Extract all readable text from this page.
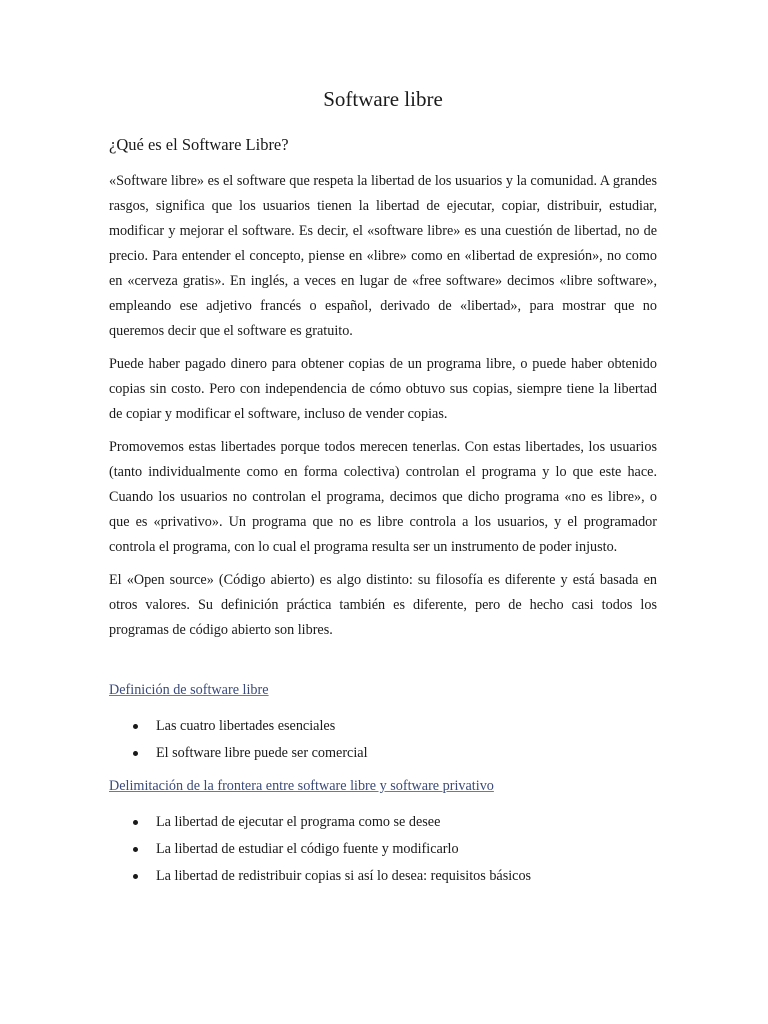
Software libre
¿Qué es el Software Libre?

«Software libre» es el software que respeta la libertad de los usuarios y la comunidad. A grandes rasgos, significa que los usuarios tienen la libertad de ejecutar, copiar, distribuir, estudiar, modificar y mejorar el software. Es decir, el «software libre» es una cuestión de libertad, no de precio. Para entender el concepto, piense en «libre» como en «libertad de expresión», no como en «cerveza gratis». En inglés, a veces en lugar de «free software» decimos «libre software», empleando ese adjetivo francés o español, derivado de «libertad», para mostrar que no queremos decir que el software es gratuito.

Puede haber pagado dinero para obtener copias de un programa libre, o puede haber obtenido copias sin costo. Pero con independencia de cómo obtuvo sus copias, siempre tiene la libertad de copiar y modificar el software, incluso de vender copias.

Promovemos estas libertades porque todos merecen tenerlas. Con estas libertades, los usuarios (tanto individualmente como en forma colectiva) controlan el programa y lo que este hace. Cuando los usuarios no controlan el programa, decimos que dicho programa «no es libre», o que es «privativo». Un programa que no es libre controla a los usuarios, y el programador controla el programa, con lo cual el programa resulta ser un instrumento de poder injusto.

El «Open source» (Código abierto) es algo distinto: su filosofía es diferente y está basada en otros valores. Su definición práctica también es diferente, pero de hecho casi todos los programas de código abierto son libres.

Definición de software libre
Las cuatro libertades esenciales
El software libre puede ser comercial
Delimitación de la frontera entre software libre y software privativo
La libertad de ejecutar el programa como se desee
La libertad de estudiar el código fuente y modificarlo
La libertad de redistribuir copias si así lo desea: requisitos básicos
